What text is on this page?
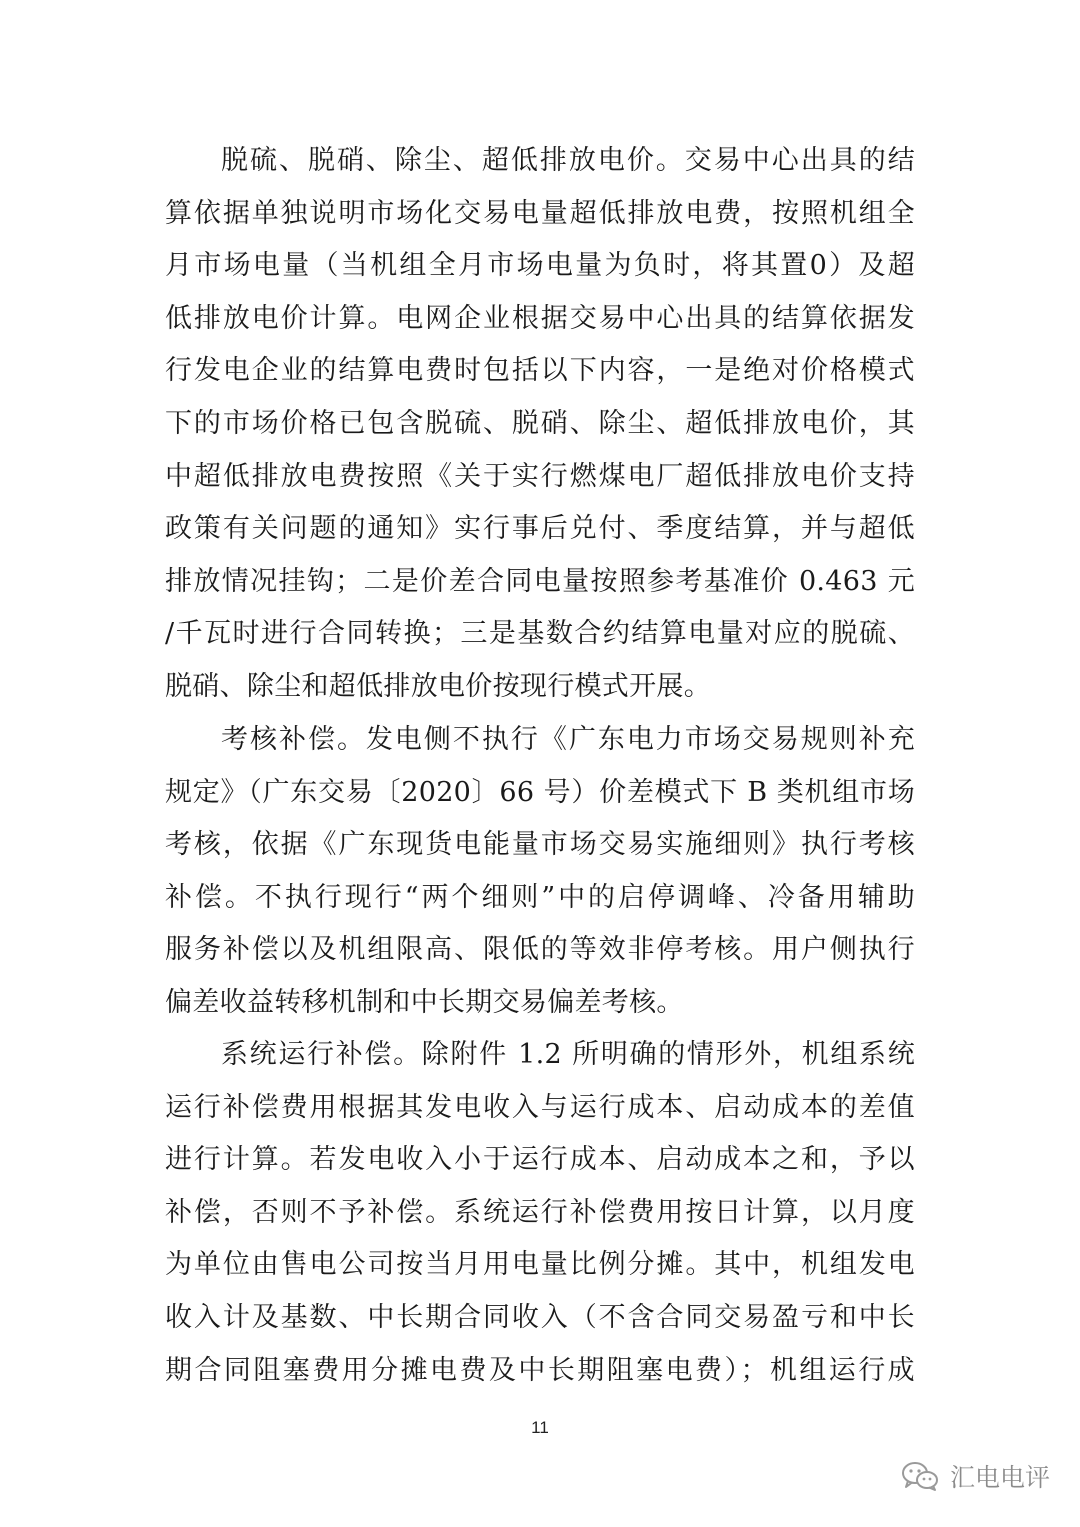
脱硫、脱硝、除尘、超低排放电价。交易中心出具的结
算依据单独说明市场化交易电量超低排放电费，按照机组全
月市场电量（当机组全月市场电量为负时，将其置0）及超
低排放电价计算。电网企业根据交易中心出具的结算依据发
行发电企业的结算电费时包括以下内容，一是绝对价格模式
下的市场价格已包含脱硫、脱硝、除尘、超低排放电价，其
中超低排放电费按照《关于实行燃煤电厂超低排放电价支持
政策有关问题的通知》实行事后兑付、季度结算，并与超低
排放情况挂钩；二是价差合同电量按照参考基准价 0.463 元
/千瓦时进行合同转换；三是基数合约结算电量对应的脱硫、
脱硝、除尘和超低排放电价按现行模式开展。
考核补偿。发电侧不执行《广东电力市场交易规则补充
规定》（广东交易〔2020〕66 号）价差模式下 B 类机组市场
考核，依据《广东现货电能量市场交易实施细则》执行考核
补偿。不执行现行“两个细则”中的启停调峰、冷备用辅助
服务补偿以及机组限高、限低的等效非停考核。用户侧执行
偏差收益转移机制和中长期交易偏差考核。
系统运行补偿。除附件 1.2 所明确的情形外，机组系统
运行补偿费用根据其发电收入与运行成本、启动成本的差值
进行计算。若发电收入小于运行成本、启动成本之和，予以
补偿，否则不予补偿。系统运行补偿费用按日计算，以月度
为单位由售电公司按当月用电量比例分摊。其中，机组发电
收入计及基数、中长期合同收入（不含合同交易盈亏和中长
期合同阻塞费用分摊电费及中长期阻塞电费）；机组运行成
11
汇电电评
